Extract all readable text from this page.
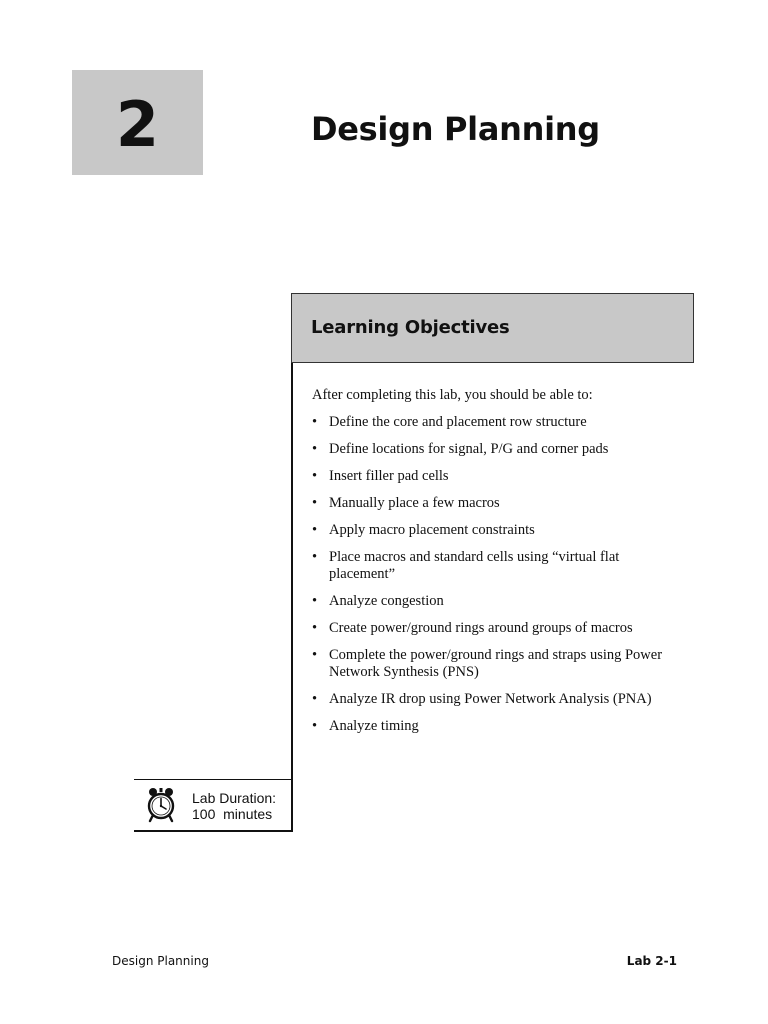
2	Design Planning
Learning Objectives
After completing this lab, you should be able to:
• Define the core and placement row structure
• Define locations for signal, P/G and corner pads
• Insert filler pad cells
• Manually place a few macros
• Apply macro placement constraints
• Place macros and standard cells using “virtual flat placement”
• Analyze congestion
• Create power/ground rings around groups of macros
• Complete the power/ground rings and straps using Power Network Synthesis (PNS)
• Analyze IR drop using Power Network Analysis (PNA)
• Analyze timing
Lab Duration:
100  minutes
Design Planning	Lab 2-1
